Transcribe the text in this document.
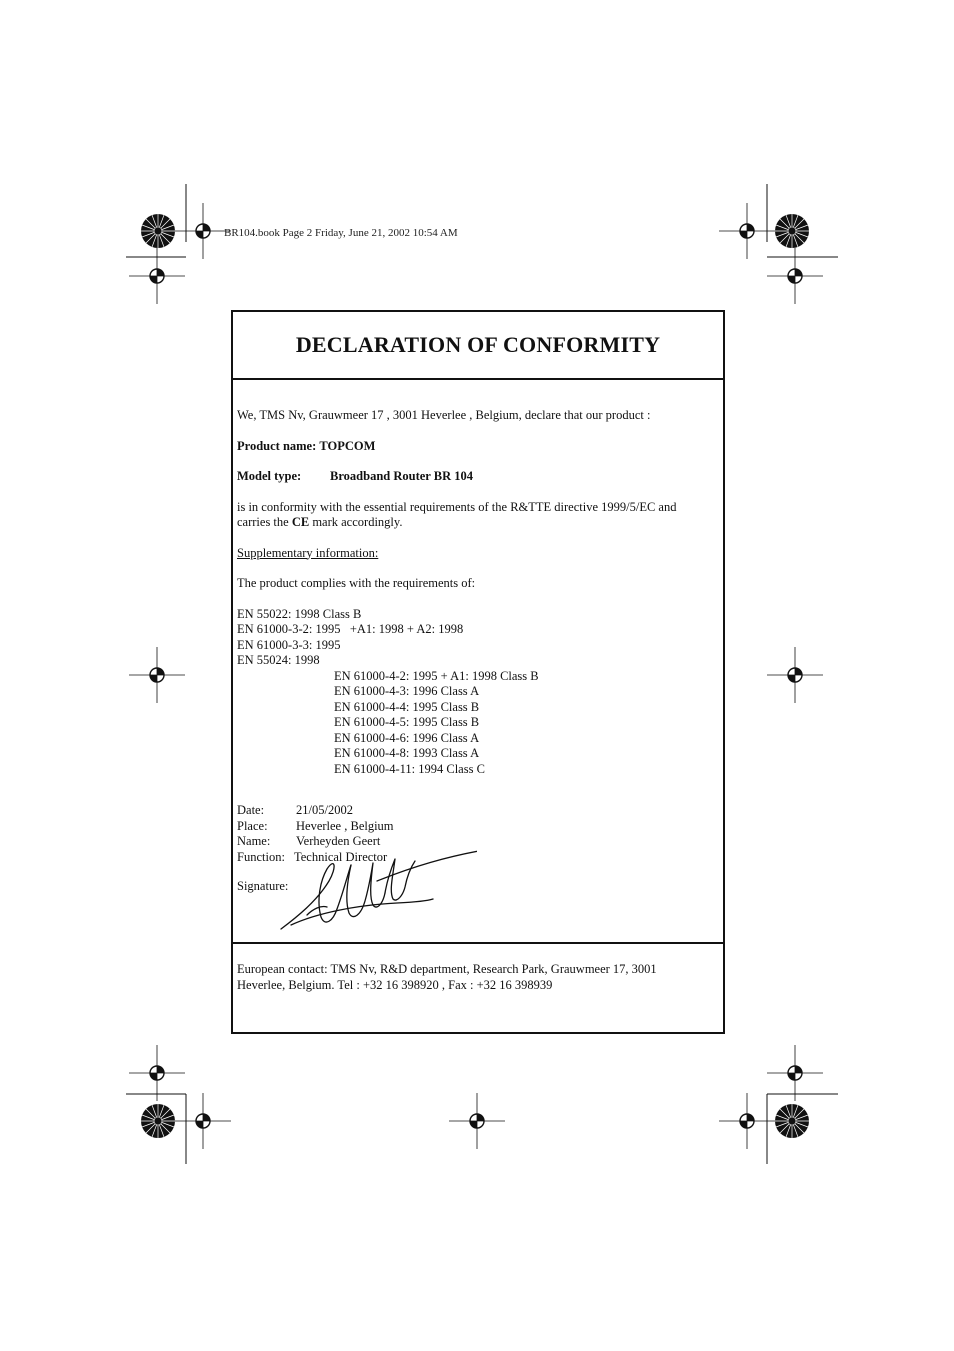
BR104.book Page 2 Friday, June 21, 2002 10:54 AM
DECLARATION OF CONFORMITY
We, TMS Nv, Grauwmeer 17 , 3001 Heverlee , Belgium, declare that our product :
Product name:
TOPCOM
Model type:	Broadband Router BR 104
is in conformity with the essential requirements of the R&TTE directive 1999/5/EC and
carries the CE mark accordingly.
Supplementary information:
The product complies with the requirements of:
EN 55022: 1998 Class B
EN 61000-3-2: 1995   +A1: 1998 + A2: 1998
EN 61000-3-3: 1995
EN 55024: 1998
EN 61000-4-2: 1995 + A1: 1998 Class B
EN 61000-4-3: 1996 Class A
EN 61000-4-4: 1995 Class B
EN 61000-4-5: 1995 Class B
EN 61000-4-6: 1996 Class A
EN 61000-4-8: 1993 Class A
EN 61000-4-11: 1994 Class C
Date:	21/05/2002
Place:	Heverlee , Belgium
Name:	Verheyden Geert
Function: Technical Director
Signature:
European contact: TMS Nv, R&D department, Research Park, Grauwmeer 17, 3001
Heverlee, Belgium. Tel : +32 16 398920 , Fax : +32 16 398939
